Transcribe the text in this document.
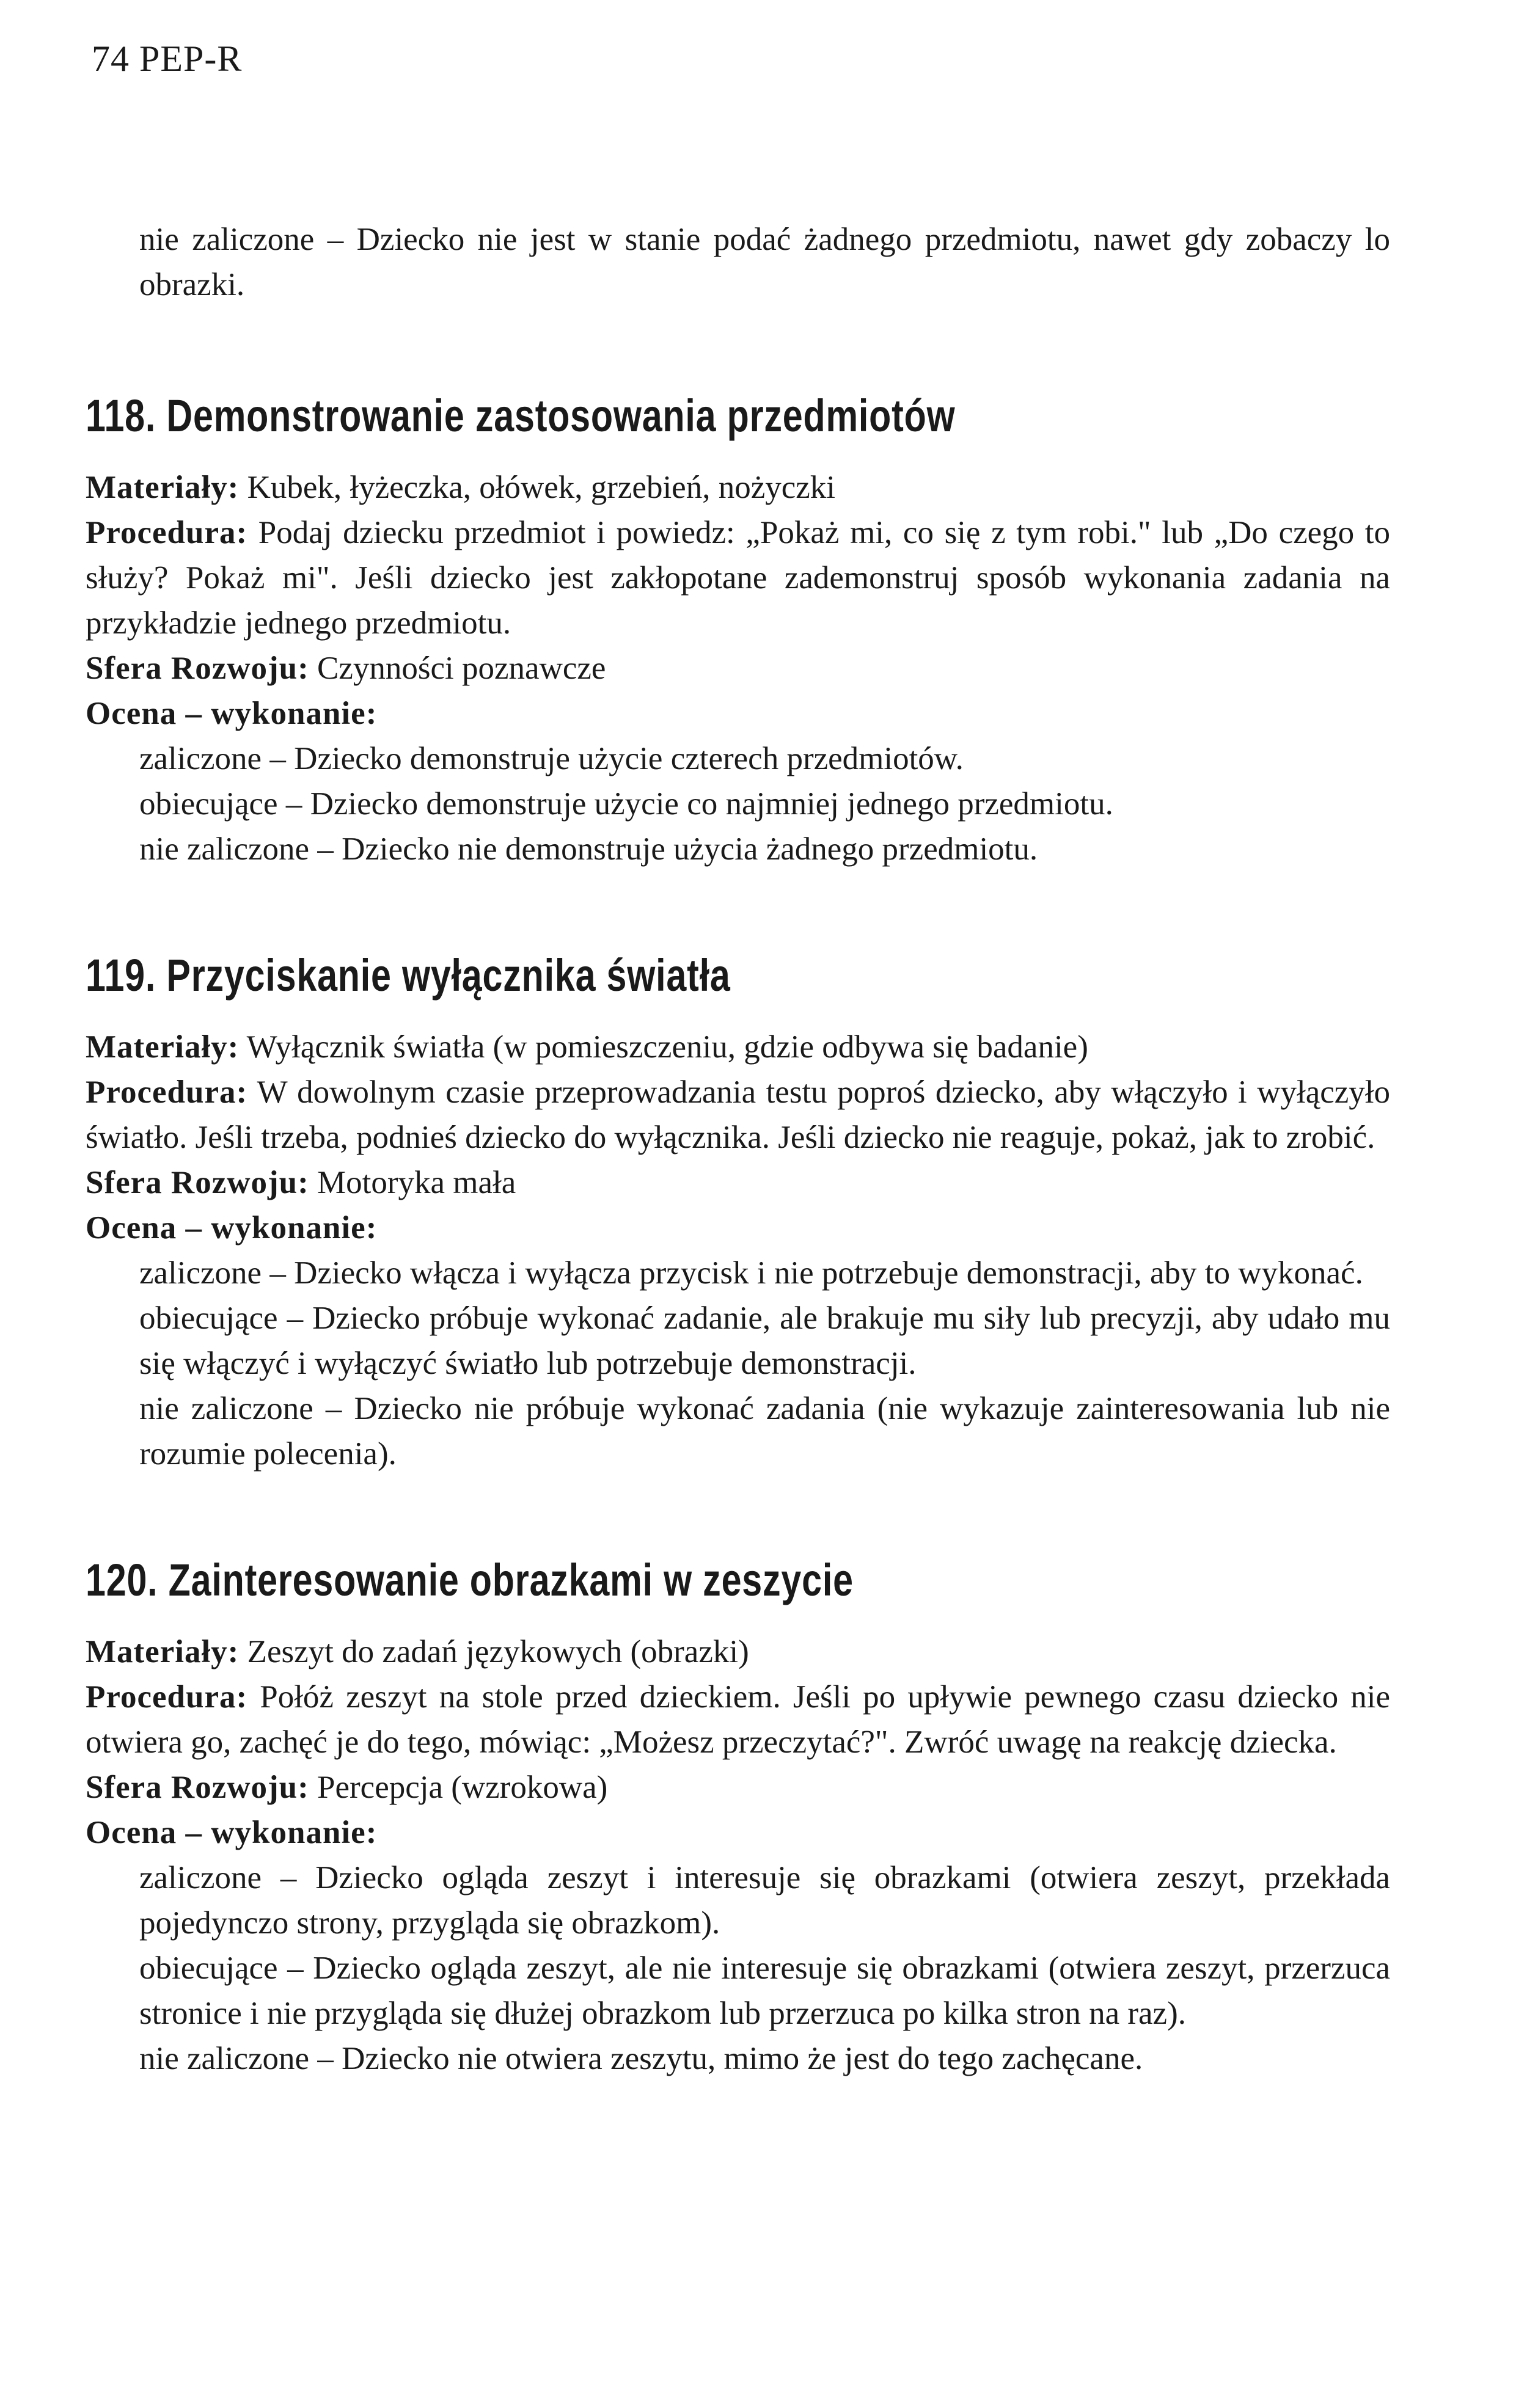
74 PEP-R
nie zaliczone – Dziecko nie jest w stanie podać żadnego przedmiotu, nawet gdy zobaczy lo obrazki.
118. Demonstrowanie zastosowania przedmiotów
Materiały: Kubek, łyżeczka, ołówek, grzebień, nożyczki
Procedura: Podaj dziecku przedmiot i powiedz: „Pokaż mi, co się z tym robi." lub „Do czego to służy? Pokaż mi". Jeśli dziecko jest zakłopotane zademonstruj sposób wykonania zadania na przykładzie jednego przedmiotu.
Sfera Rozwoju: Czynności poznawcze
Ocena – wykonanie:
zaliczone – Dziecko demonstruje użycie czterech przedmiotów.
obiecujące – Dziecko demonstruje użycie co najmniej jednego przedmiotu.
nie zaliczone – Dziecko nie demonstruje użycia żadnego przedmiotu.
119. Przyciskanie wyłącznika światła
Materiały: Wyłącznik światła (w pomieszczeniu, gdzie odbywa się badanie)
Procedura: W dowolnym czasie przeprowadzania testu poproś dziecko, aby włączyło i wyłączyło światło. Jeśli trzeba, podnieś dziecko do wyłącznika. Jeśli dziecko nie reaguje, pokaż, jak to zrobić.
Sfera Rozwoju: Motoryka mała
Ocena – wykonanie:
zaliczone – Dziecko włącza i wyłącza przycisk i nie potrzebuje demonstracji, aby to wykonać.
obiecujące – Dziecko próbuje wykonać zadanie, ale brakuje mu siły lub precyzji, aby udało mu się włączyć i wyłączyć światło lub potrzebuje demonstracji.
nie zaliczone – Dziecko nie próbuje wykonać zadania (nie wykazuje zainteresowania lub nie rozumie polecenia).
120. Zainteresowanie obrazkami w zeszycie
Materiały: Zeszyt do zadań językowych (obrazki)
Procedura: Połóż zeszyt na stole przed dzieckiem. Jeśli po upływie pewnego czasu dziecko nie otwiera go, zachęć je do tego, mówiąc: „Możesz przeczytać?". Zwróć uwagę na reakcję dziecka.
Sfera Rozwoju: Percepcja (wzrokowa)
Ocena – wykonanie:
zaliczone – Dziecko ogląda zeszyt i interesuje się obrazkami (otwiera zeszyt, przekłada pojedynczo strony, przygląda się obrazkom).
obiecujące – Dziecko ogląda zeszyt, ale nie interesuje się obrazkami (otwiera zeszyt, przerzuca stronice i nie przygląda się dłużej obrazkom lub przerzuca po kilka stron na raz).
nie zaliczone – Dziecko nie otwiera zeszytu, mimo że jest do tego zachęcane.
